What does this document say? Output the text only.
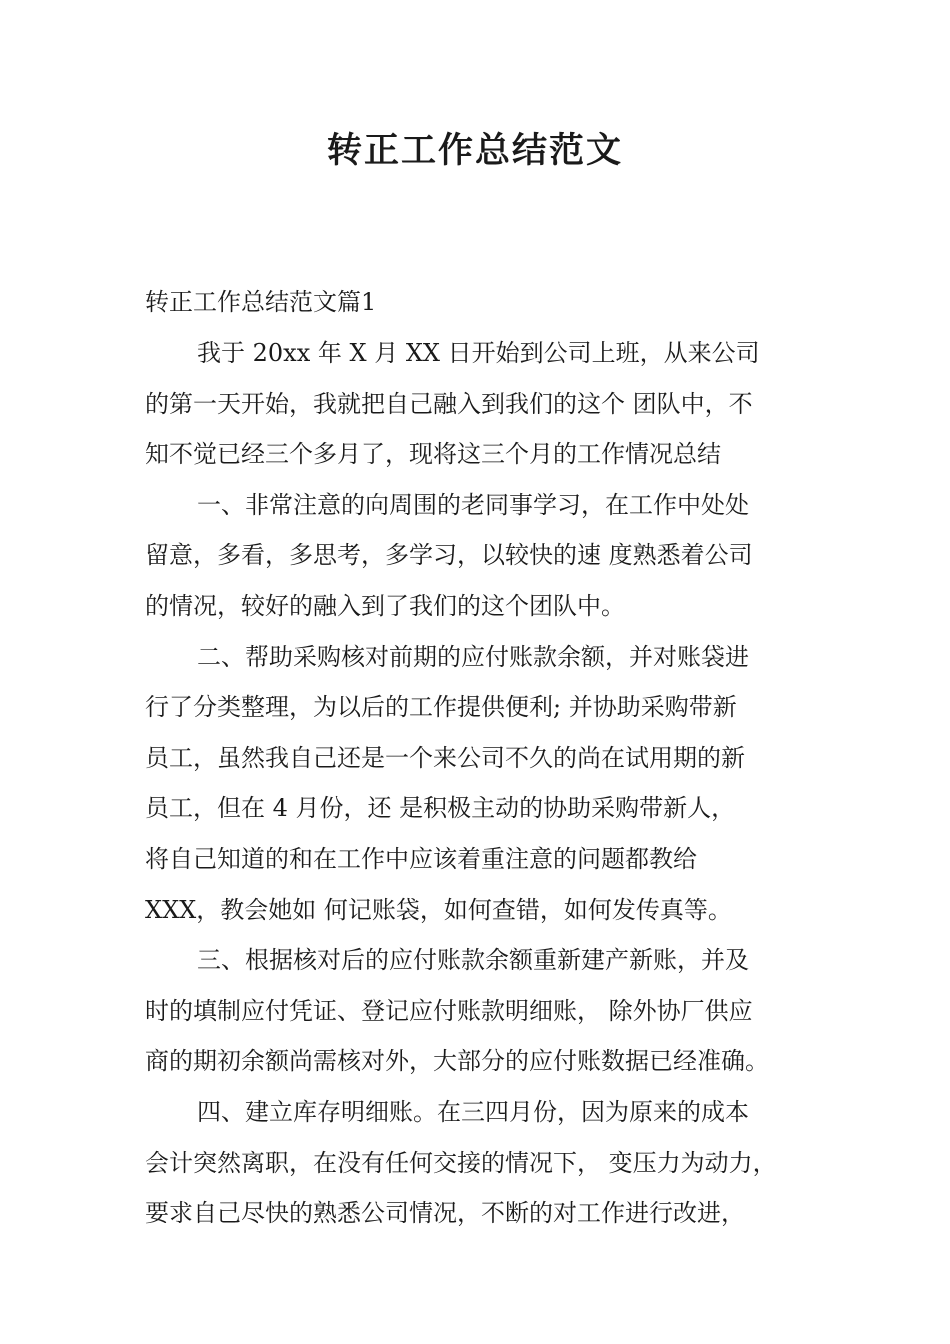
转正工作总结范文

转正工作总结范文篇1

我于 20xx 年 X 月 XX 日开始到公司上班，从来公司
的第一天开始，我就把自己融入到我们的这个 团队中，不
知不觉已经三个多月了，现将这三个月的工作情况总结

一、非常注意的向周围的老同事学习，在工作中处处
留意，多看，多思考，多学习，以较快的速 度熟悉着公司
的情况，较好的融入到了我们的这个团队中。

二、帮助采购核对前期的应付账款余额，并对账袋进
行了分类整理，为以后的工作提供便利; 并协助采购带新
员工，虽然我自己还是一个来公司不久的尚在试用期的新
员工，但在 4 月份，还 是积极主动的协助采购带新人，
将自己知道的和在工作中应该着重注意的问题都教给
XXX，教会她如 何记账袋，如何查错，如何发传真等。

三、根据核对后的应付账款余额重新建产新账，并及
时的填制应付凭证、登记应付账款明细账， 除外协厂供应
商的期初余额尚需核对外，大部分的应付账数据已经准确。

四、建立库存明细账。在三四月份，因为原来的成本
会计突然离职，在没有任何交接的情况下， 变压力为动力，
要求自己尽快的熟悉公司情况，不断的对工作进行改进，
